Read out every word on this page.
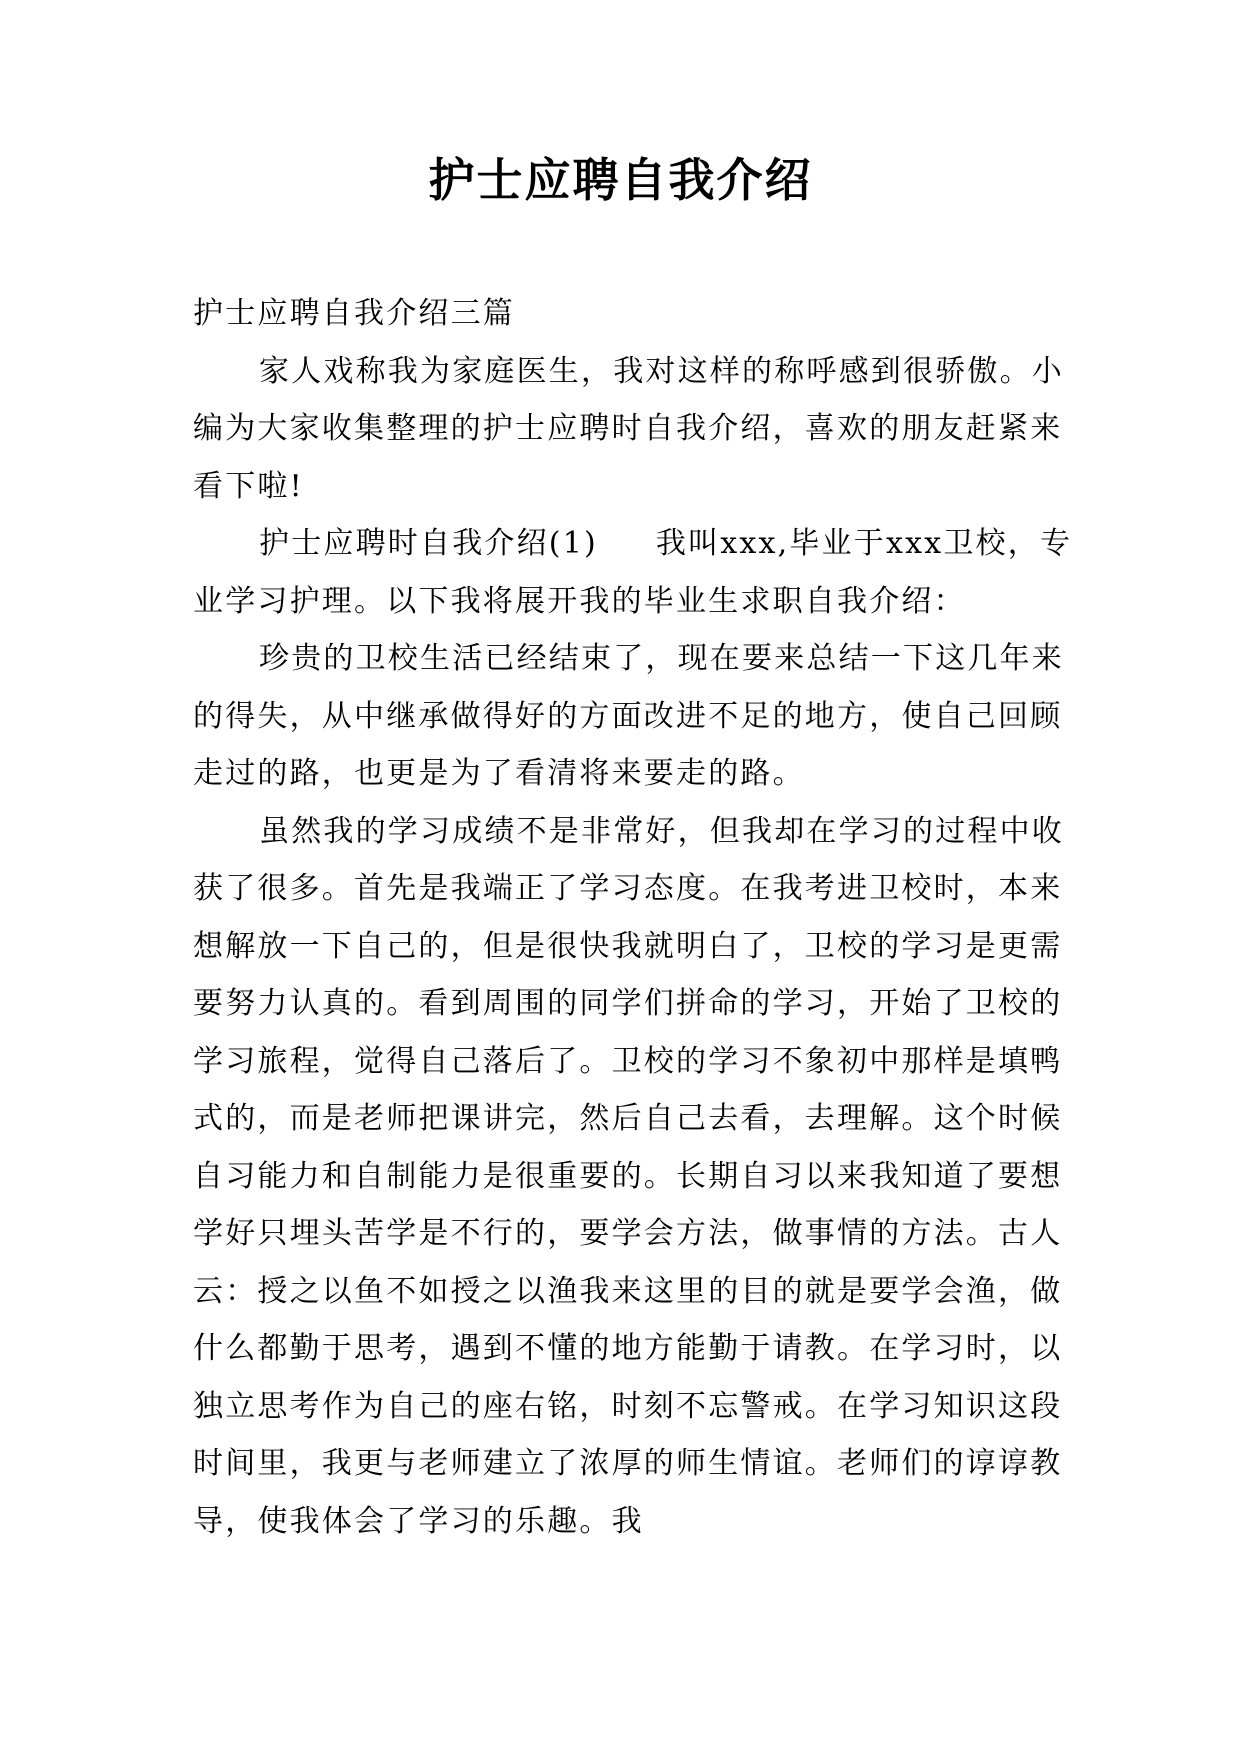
护士应聘自我介绍

护士应聘自我介绍三篇

家人戏称我为家庭医生，我对这样的称呼感到很骄傲。小编为大家收集整理的护士应聘时自我介绍，喜欢的朋友赶紧来看下啦!

护士应聘时自我介绍(1) 我叫xxx,毕业于xxx卫校，专业学习护理。以下我将展开我的毕业生求职自我介绍：

珍贵的卫校生活已经结束了，现在要来总结一下这几年来的得失，从中继承做得好的方面改进不足的地方，使自己回顾走过的路，也更是为了看清将来要走的路。

虽然我的学习成绩不是非常好，但我却在学习的过程中收获了很多。首先是我端正了学习态度。在我考进卫校时，本来想解放一下自己的，但是很快我就明白了，卫校的学习是更需要努力认真的。看到周围的同学们拼命的学习，开始了卫校的学习旅程，觉得自己落后了。卫校的学习不象初中那样是填鸭式的，而是老师把课讲完，然后自己去看，去理解。这个时候自习能力和自制能力是很重要的。长期自习以来我知道了要想学好只埋头苦学是不行的，要学会方法，做事情的方法。古人云：授之以鱼不如授之以渔我来这里的目的就是要学会渔，做什么都勤于思考，遇到不懂的地方能勤于请教。在学习时，以独立思考作为自己的座右铭，时刻不忘警戒。在学习知识这段时间里，我更与老师建立了浓厚的师生情谊。老师们的谆谆教导，使我体会了学习的乐趣。我
